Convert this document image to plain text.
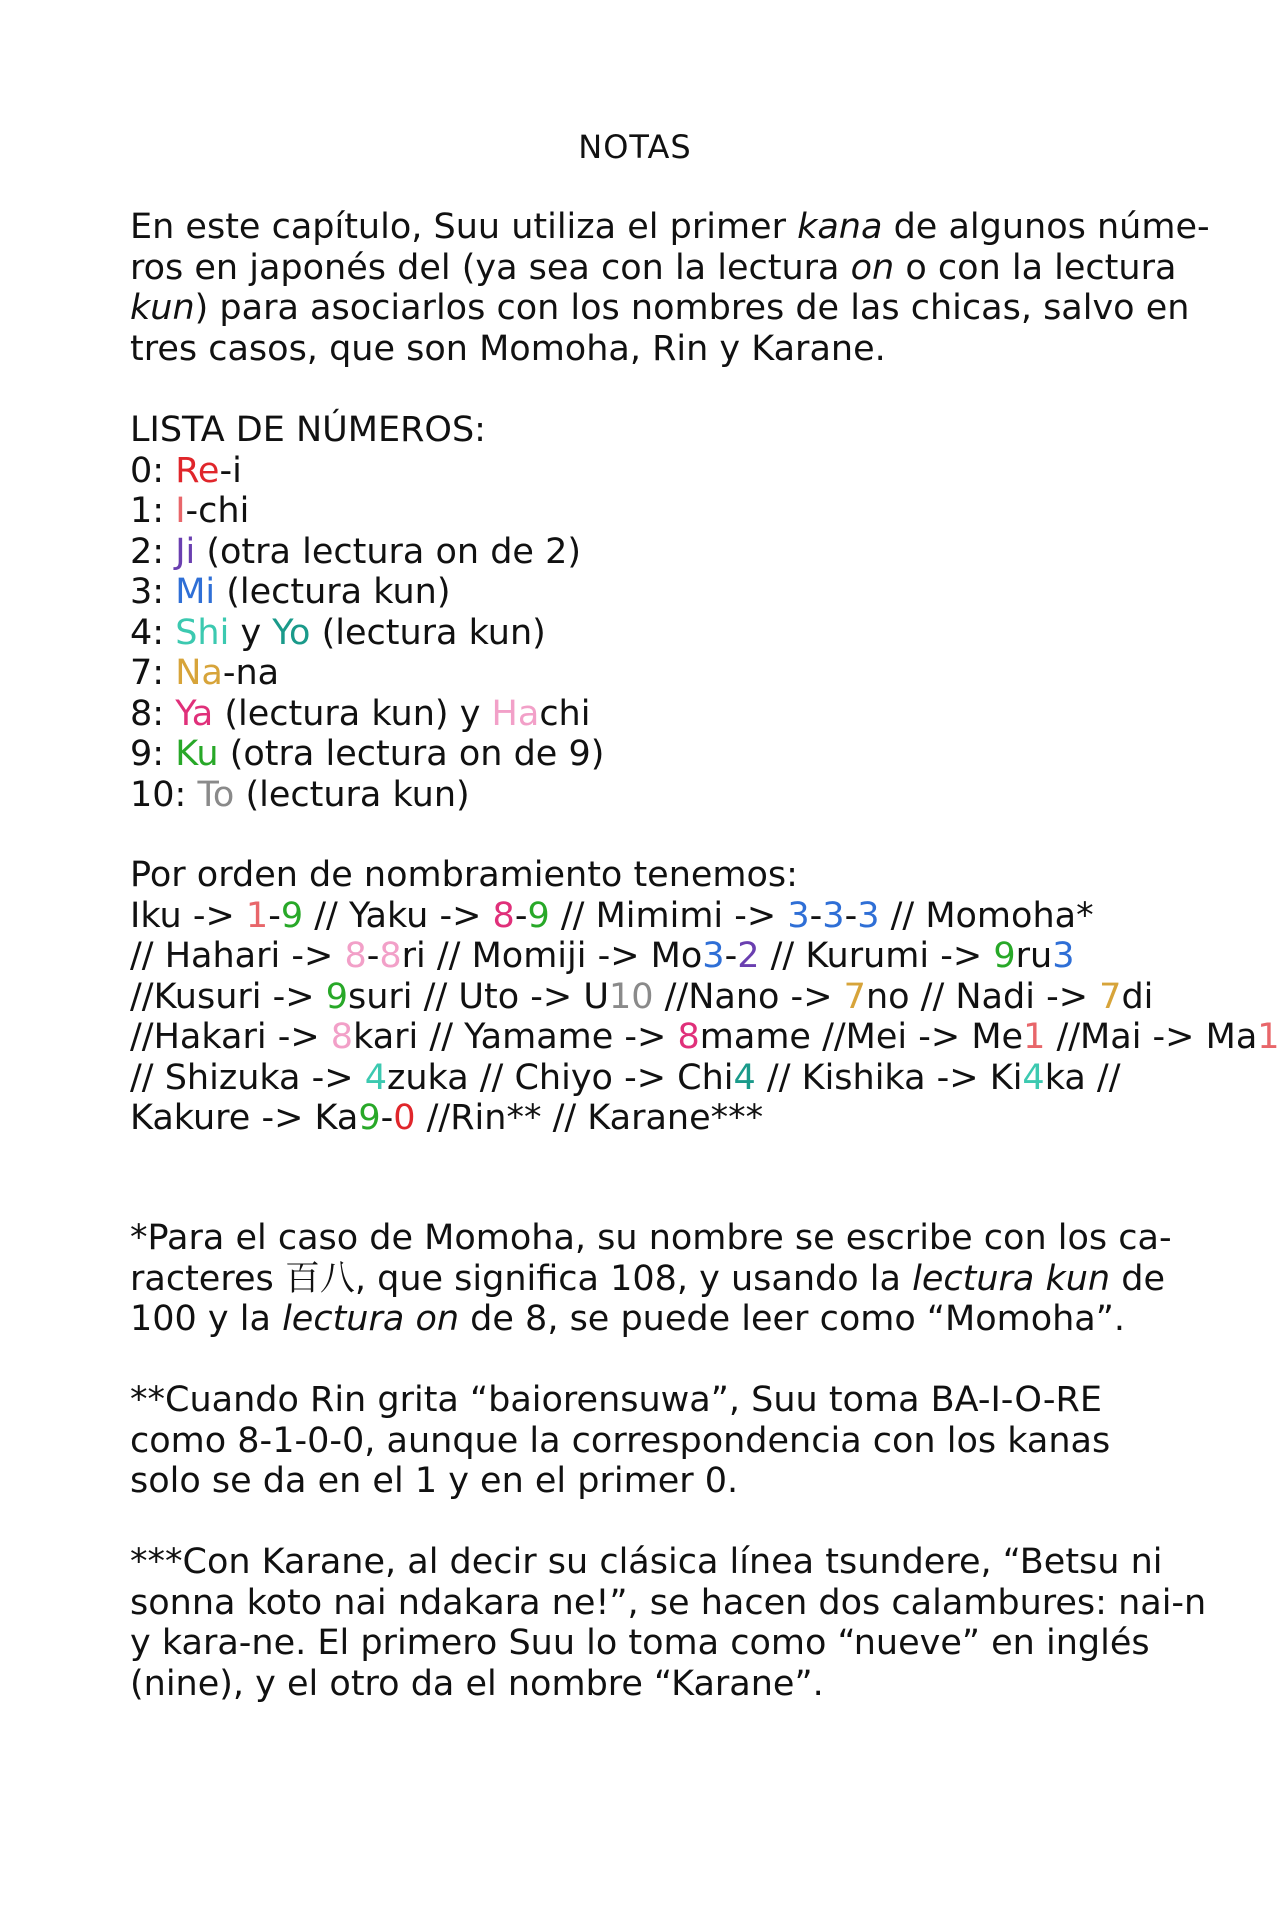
NOTAS
En este capítulo, Suu utiliza el primer kana de algunos núme-
ros en japonés del (ya sea con la lectura on o con la lectura
kun) para asociarlos con los nombres de las chicas, salvo en
tres casos, que son Momoha, Rin y Karane.
LISTA DE NÚMEROS:
0: Re-i
1: I-chi
2: Ji (otra lectura on de 2)
3: Mi (lectura kun)
4: Shi y Yo (lectura kun)
7: Na-na
8: Ya (lectura kun) y Hachi
9: Ku (otra lectura on de 9)
10: To (lectura kun)
Por orden de nombramiento tenemos:
Iku -> 1-9 // Yaku -> 8-9 // Mimimi -> 3-3-3 // Momoha*
// Hahari -> 8-8ri // Momiji -> Mo3-2 // Kurumi -> 9ru3
//Kusuri -> 9suri // Uto -> U10 //Nano -> 7no // Nadi -> 7di
//Hakari -> 8kari // Yamame -> 8mame //Mei -> Me1 //Mai -> Ma1
// Shizuka -> 4zuka // Chiyo -> Chi4 // Kishika -> Ki4ka //
Kakure -> Ka9-0 //Rin** // Karane***
*Para el caso de Momoha, su nombre se escribe con los ca-
racteres 百八, que significa 108, y usando la lectura kun de
100 y la lectura on de 8, se puede leer como “Momoha”.
**Cuando Rin grita “baiorensuwa”, Suu toma BA-I-O-RE
como 8-1-0-0, aunque la correspondencia con los kanas
solo se da en el 1 y en el primer 0.
***Con Karane, al decir su clásica línea tsundere, “Betsu ni
sonna koto nai ndakara ne!”, se hacen dos calambures: nai-n
y kara-ne. El primero Suu lo toma como “nueve” en inglés
(nine), y el otro da el nombre “Karane”.
